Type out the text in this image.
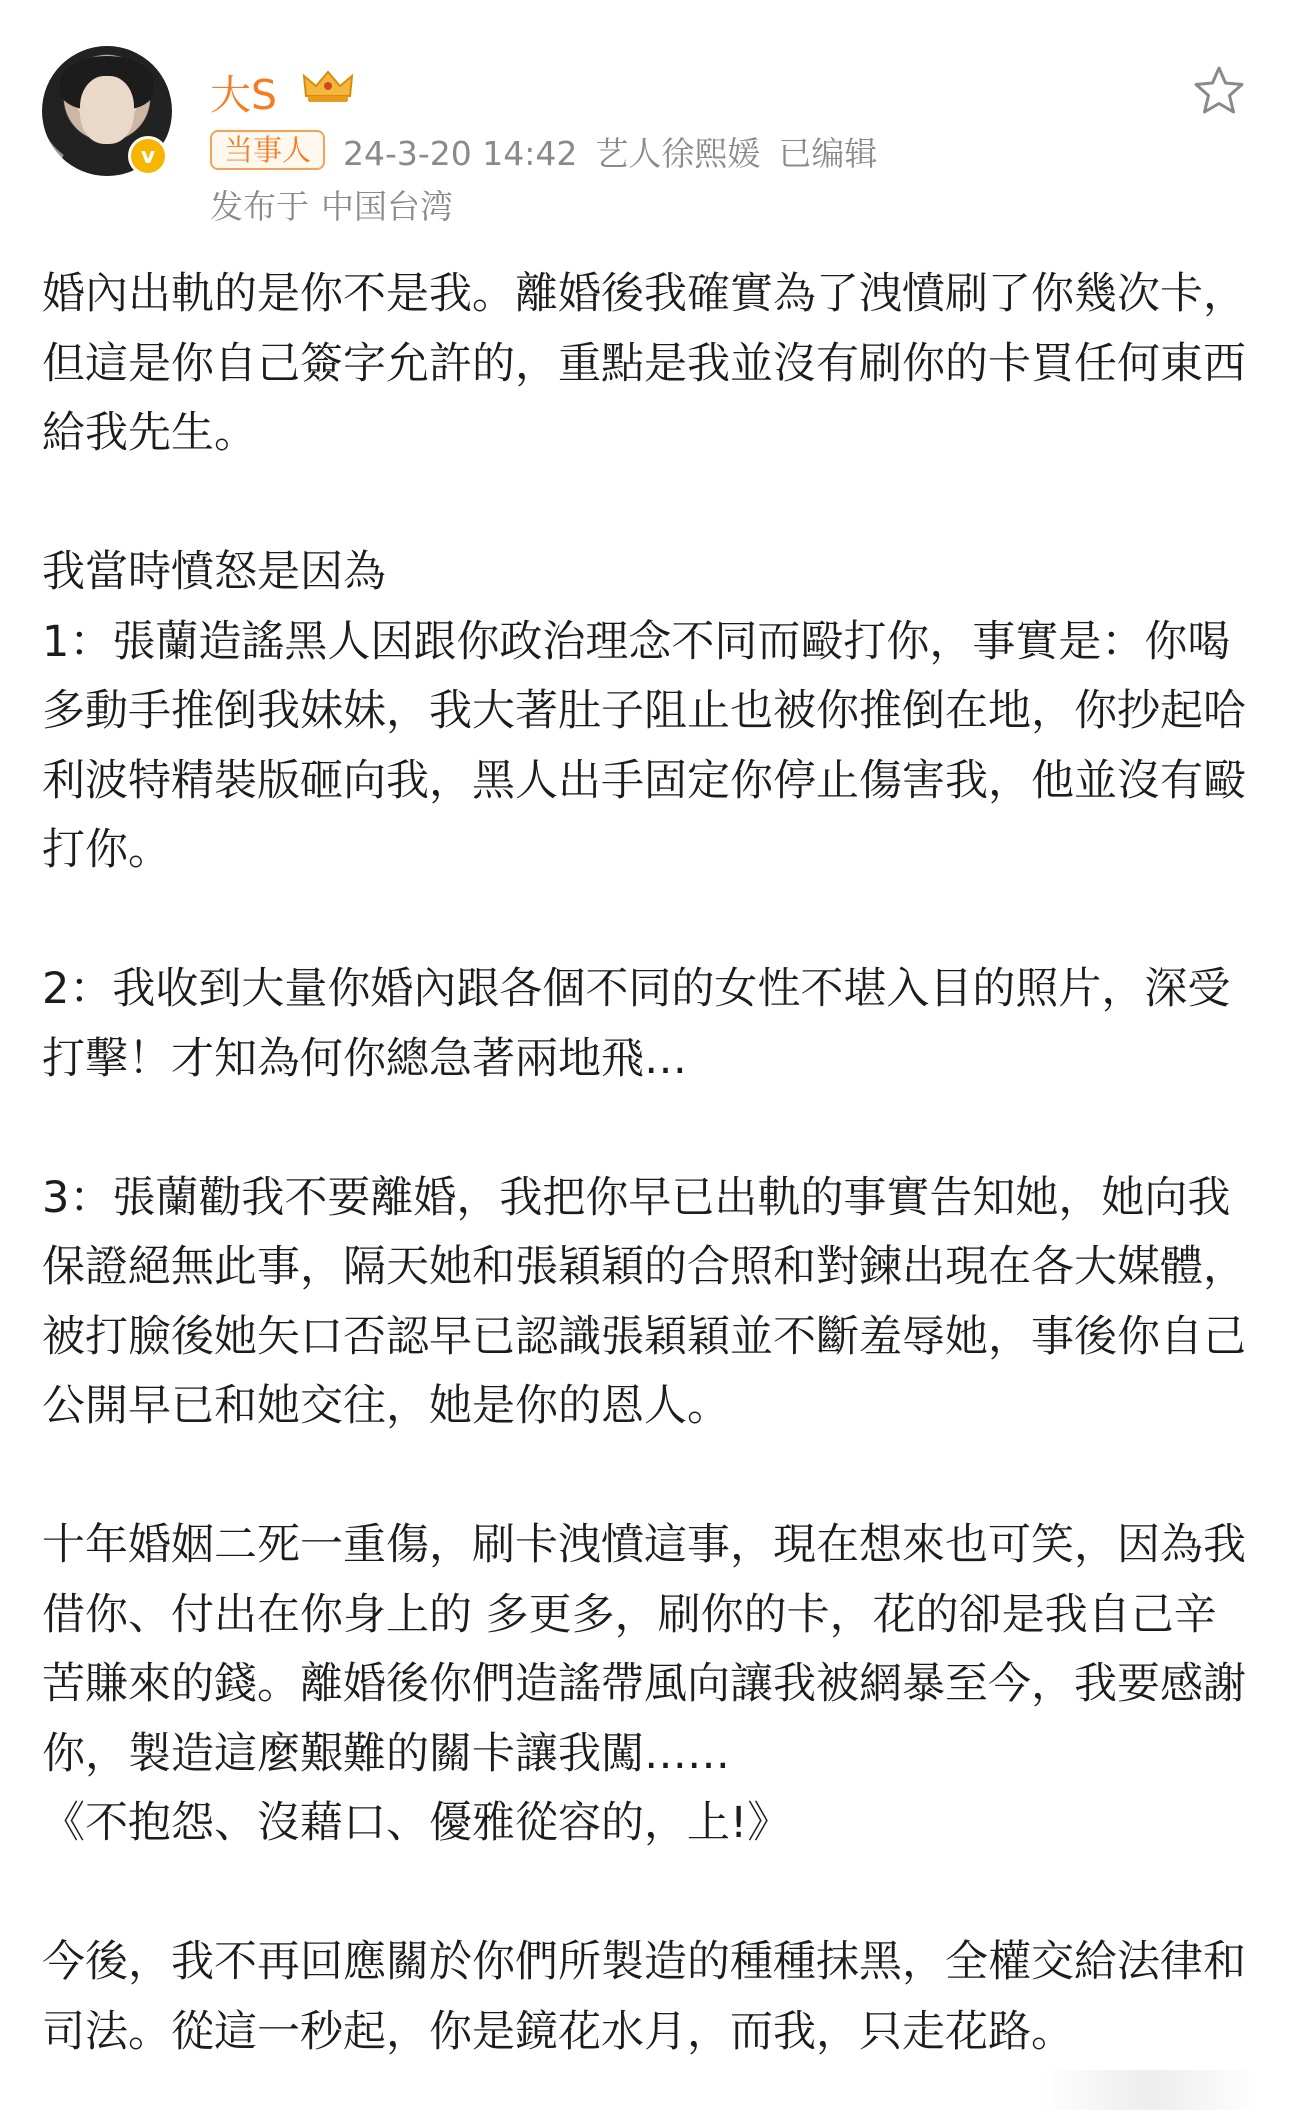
v
大S
当事人 24-3-20 14:42 艺人徐熙媛 已编辑
发布于 中国台湾

婚內出軌的是你不是我。離婚後我確實為了洩憤刷了你幾次卡，但這是你自己簽字允許的，重點是我並沒有刷你的卡買任何東西給我先生。

我當時憤怒是因為

1：張蘭造謠黑人因跟你政治理念不同而毆打你，事實是：你喝多動手推倒我妹妹，我大著肚子阻止也被你推倒在地，你抄起哈利波特精裝版砸向我，黑人出手固定你停止傷害我，他並沒有毆打你。

2：我收到大量你婚內跟各個不同的女性不堪入目的照片，深受打擊！才知為何你總急著兩地飛…

3：張蘭勸我不要離婚，我把你早已出軌的事實告知她，她向我保證絕無此事，隔天她和張穎穎的合照和對鍊出現在各大媒體，被打臉後她矢口否認早已認識張穎穎並不斷羞辱她，事後你自己公開早已和她交往，她是你的恩人。

十年婚姻二死一重傷，刷卡洩憤這事，現在想來也可笑，因為我借你、付出在你身上的 多更多，刷你的卡，花的卻是我自己辛苦賺來的錢。離婚後你們造謠帶風向讓我被網暴至今，我要感謝你，製造這麼艱難的關卡讓我闖……

《不抱怨、沒藉口、優雅從容的，上!》

今後，我不再回應關於你們所製造的種種抹黑，全權交給法律和司法。從這一秒起，你是鏡花水月，而我，只走花路。
